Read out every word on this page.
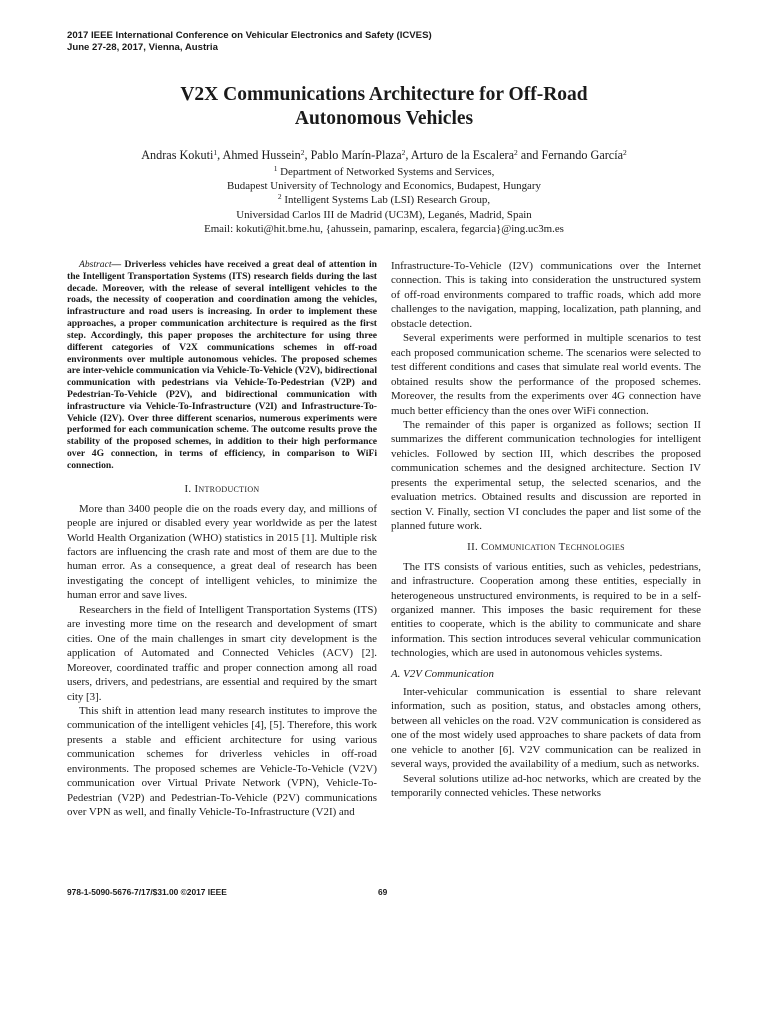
2017 IEEE International Conference on Vehicular Electronics and Safety (ICVES)
June 27-28, 2017, Vienna, Austria
V2X Communications Architecture for Off-Road
Autonomous Vehicles
Andras Kokuti$^1$, Ahmed Hussein$^2$, Pablo Marín-Plaza$^2$, Arturo de la Escalera$^2$ and Fernando García$^2$
$^1$ Department of Networked Systems and Services,
Budapest University of Technology and Economics, Budapest, Hungary
$^2$ Intelligent Systems Lab (LSI) Research Group,
Universidad Carlos III de Madrid (UC3M), Leganés, Madrid, Spain
Email: kokuti@hit.bme.hu, {ahussein, pamarinp, escalera, fegarcia}@ing.uc3m.es

Abstract— Driverless vehicles have received a great deal of attention in the Intelligent Transportation Systems (ITS) research fields during the last decade. Moreover, with the release of several intelligent vehicles to the roads, the necessity of cooperation and coordination among the vehicles, infrastructure and road users is increasing. In order to implement these approaches, a proper communication architecture is required as the first step. Accordingly, this paper proposes the architecture for using three different categories of V2X communications schemes in off-road environments over multiple autonomous vehicles. The proposed schemes are inter-vehicle communication via Vehicle-To-Vehicle (V2V), bidirectional communication with pedestrians via Vehicle-To-Pedestrian (V2P) and Pedestrian-To-Vehicle (P2V), and bidirectional communication with infrastructure via Vehicle-To-Infrastructure (V2I) and Infrastructure-To-Vehicle (I2V). Over three different scenarios, numerous experiments were performed for each communication scheme. The outcome results prove the stability of the proposed schemes, in addition to their high performance over 4G connection, in terms of efficiency, in comparison to WiFi connection.

I. Introduction

More than 3400 people die on the roads every day, and millions of people are injured or disabled every year worldwide as per the latest World Health Organization (WHO) statistics in 2015 [1]. Multiple risk factors are influencing the crash rate and most of them are due to the human error. As a consequence, a great deal of research has been investigating the concept of intelligent vehicles, to minimize the human error and save lives.

Researchers in the field of Intelligent Transportation Systems (ITS) are investing more time on the research and development of smart cities. One of the main challenges in smart city development is the application of Automated and Connected Vehicles (ACV) [2]. Moreover, coordinated traffic and proper connection among all road users, drivers, and pedestrians, are essential and required by the smart city [3].

This shift in attention lead many research institutes to improve the communication of the intelligent vehicles [4], [5]. Therefore, this work presents a stable and efficient architecture for using various communication schemes for driverless vehicles in off-road environments. The proposed schemes are Vehicle-To-Vehicle (V2V) communication over Virtual Private Network (VPN), Vehicle-To-Pedestrian (V2P) and Pedestrian-To-Vehicle (P2V) communications over VPN as well, and finally Vehicle-To-Infrastructure (V2I) and

Infrastructure-To-Vehicle (I2V) communications over the Internet connection. This is taking into consideration the unstructured system of off-road environments compared to traffic roads, which add more challenges to the navigation, mapping, localization, path planning, and obstacle detection.

Several experiments were performed in multiple scenarios to test each proposed communication scheme. The scenarios were selected to test different conditions and cases that simulate real world events. The obtained results show the performance of the proposed schemes. Moreover, the results from the experiments over 4G connection have much better efficiency than the ones over WiFi connection.

The remainder of this paper is organized as follows; section II summarizes the different communication technologies for intelligent vehicles. Followed by section III, which describes the proposed communication schemes and the designed architecture. Section IV presents the experimental setup, the selected scenarios, and the evaluation metrics. Obtained results and discussion are reported in section V. Finally, section VI concludes the paper and list some of the planned future work.

II. Communication Technologies

The ITS consists of various entities, such as vehicles, pedestrians, and infrastructure. Cooperation among these entities, especially in heterogeneous unstructured environments, is required to be in a self-organized manner. This imposes the basic requirement for these entities to cooperate, which is the ability to communicate and share information. This section introduces several vehicular communication technologies, which are used in autonomous vehicles systems.

A. V2V Communication

Inter-vehicular communication is essential to share relevant information, such as position, status, and obstacles among others, between all vehicles on the road. V2V communication is considered as one of the most widely used approaches to share packets of data from one vehicle to another [6]. V2V communication can be realized in several ways, provided the availability of a medium, such as networks.

Several solutions utilize ad-hoc networks, which are created by the temporarily connected vehicles. These networks

978-1-5090-5676-7/17/$31.00 ©2017 IEEE	69
